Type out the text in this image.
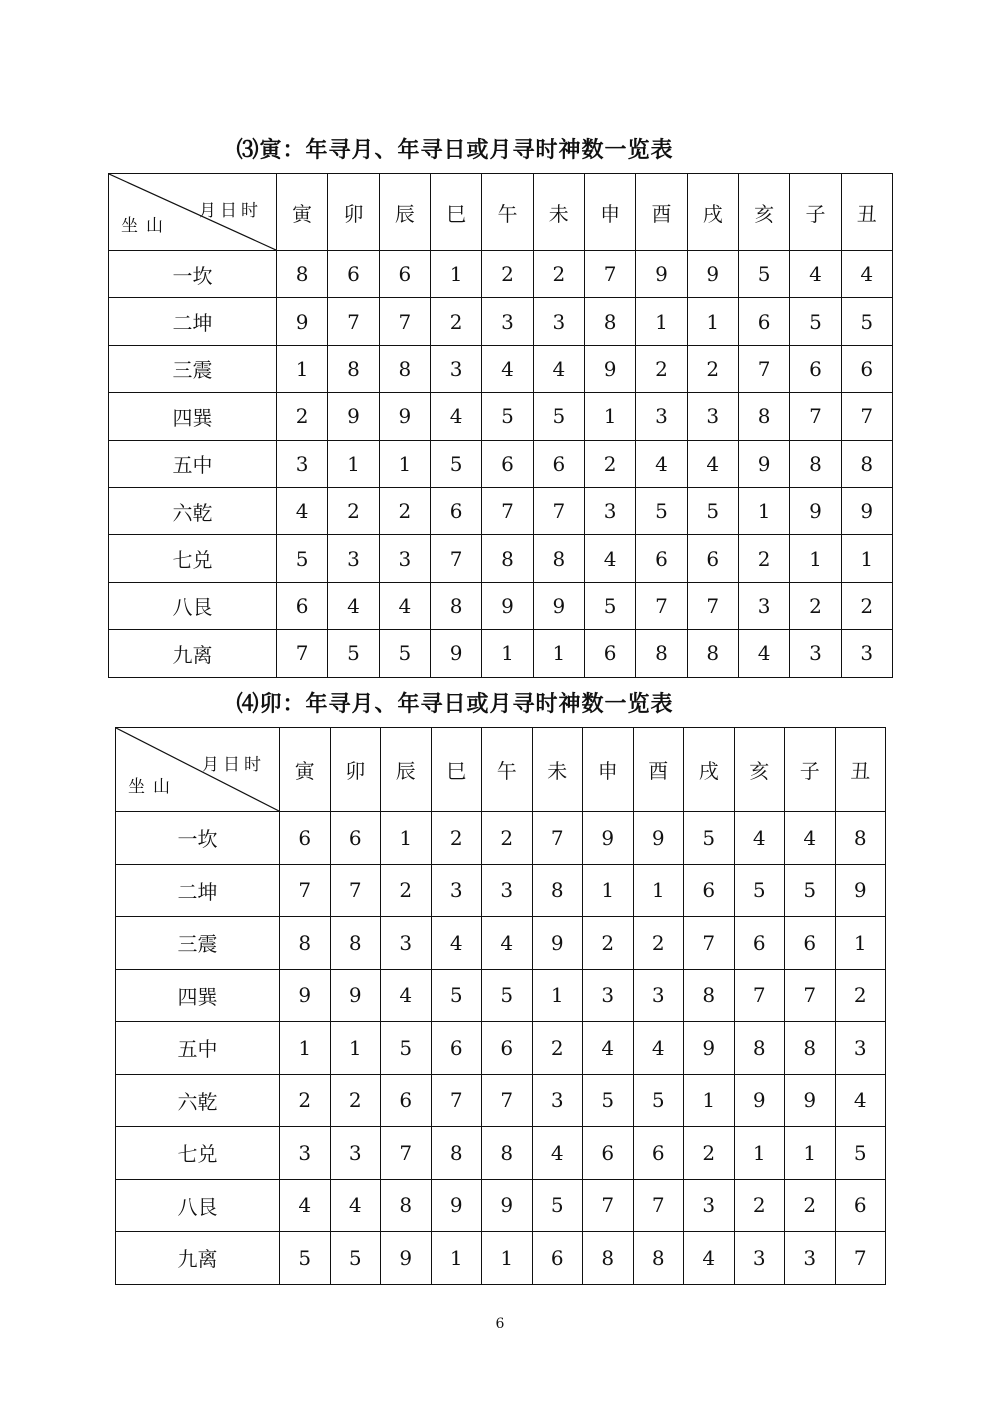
⑶寅：年寻月、年寻日或月寻时神数一览表
月日时
坐山	寅	卯	辰	巳	午	未	申	酉	戌	亥	子	丑
一坎	8	6	6	1	2	2	7	9	9	5	4	4
二坤	9	7	7	2	3	3	8	1	1	6	5	5
三震	1	8	8	3	4	4	9	2	2	7	6	6
四巽	2	9	9	4	5	5	1	3	3	8	7	7
五中	3	1	1	5	6	6	2	4	4	9	8	8
六乾	4	2	2	6	7	7	3	5	5	1	9	9
七兑	5	3	3	7	8	8	4	6	6	2	1	1
八艮	6	4	4	8	9	9	5	7	7	3	2	2
九离	7	5	5	9	1	1	6	8	8	4	3	3
⑷卯：年寻月、年寻日或月寻时神数一览表
月日时
坐山	寅	卯	辰	巳	午	未	申	酉	戌	亥	子	丑
一坎	6	6	1	2	2	7	9	9	5	4	4	8
二坤	7	7	2	3	3	8	1	1	6	5	5	9
三震	8	8	3	4	4	9	2	2	7	6	6	1
四巽	9	9	4	5	5	1	3	3	8	7	7	2
五中	1	1	5	6	6	2	4	4	9	8	8	3
六乾	2	2	6	7	7	3	5	5	1	9	9	4
七兑	3	3	7	8	8	4	6	6	2	1	1	5
八艮	4	4	8	9	9	5	7	7	3	2	2	6
九离	5	5	9	1	1	6	8	8	4	3	3	7
6
